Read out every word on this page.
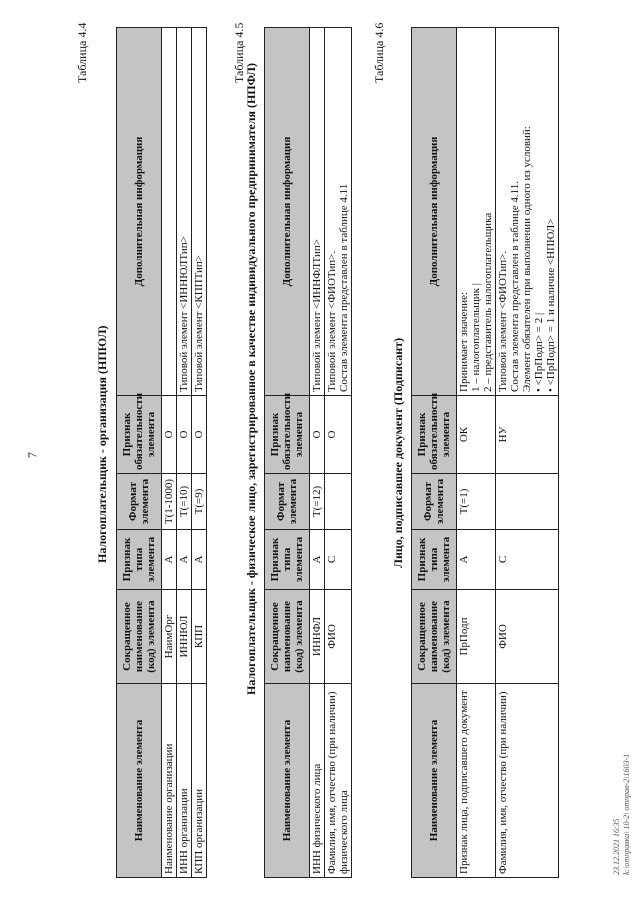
7
Таблица 4.4
Налогоплательщик - организация (НПЮЛ)
Наименование элемента	Сокращенное наименование (код) элемента	Признак типа элемента	Формат элемента	Признак обязательности элемента	Дополнительная информация
Наименование организации	НаимОрг	А	Т(1-1000)	О	
ИНН организации	ИННЮЛ	А	Т(=10)	О	Типовой элемент <ИННЮЛТип>
КПП организации	КПП	А	Т(=9)	О	Типовой элемент <КППТип>
Таблица 4.5
Налогоплательщик - физическое лицо, зарегистрированное в качестве индивидуального предпринимателя (НПФЛ)
Наименование элемента	Сокращенное наименование (код) элемента	Признак типа элемента	Формат элемента	Признак обязательности элемента	Дополнительная информация
ИНН физического лица	ИННФЛ	А	Т(=12)	О	Типовой элемент <ИННФЛТип>

Фамилия, имя, отчество (при наличии) физического лица	ФИО	С		О	Типовой элемент <ФИОТип>. Состав элемента представлен в таблице 4.11
Таблица 4.6
Лицо, подписавшее документ (Подписант)
Наименование элемента	Сокращенное наименование (код) элемента	Признак типа элемента	Формат элемента	Признак обязательности элемента	Дополнительная информация
Признак лица, подписавшего документ	ПрПодп	А	Т(=1)	ОК	Принимает значение: 1 – налогоплательщик | 2 – представитель налогоплательщика

Фамилия, имя, отчество (при наличии)	ФИО	С		НУ	Типовой элемент <ФИОТип>. Состав элемента представлен в таблице 4.11. Элемент обязателен при выполнении одного из условий: • <ПрПодп> = 2 | • <ПрПодп> = 1 и наличие <НПЮЛ>
23.12.2021 16:35 k:\отправка\ 10-2\ отправ-2\1603-1
